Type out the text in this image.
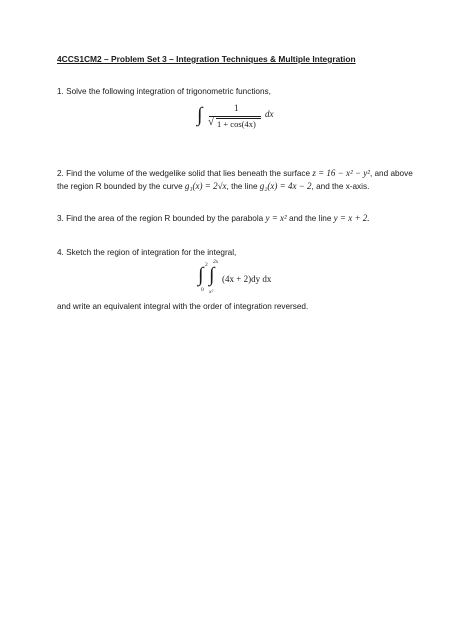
4CCS1CM2 – Problem Set 3 – Integration Techniques & Multiple Integration
1. Solve the following integration of trigonometric functions,
∫	1
√ 1 + cos(4x)
dx
2. Find the volume of the wedgelike solid that lies beneath the surface z = 16 − x² − y², and above
the region R bounded by the curve g₁(x) = 2√x, the line g₂(x) = 4x − 2, and the x-axis.
3. Find the area of the region R bounded by the parabola y = x² and the line y = x + 2.
4. Sketch the region of integration for the integral,
∫ 2
0
∫
2x
x²
(4x + 2)dy dx
and write an equivalent integral with the order of integration reversed.
